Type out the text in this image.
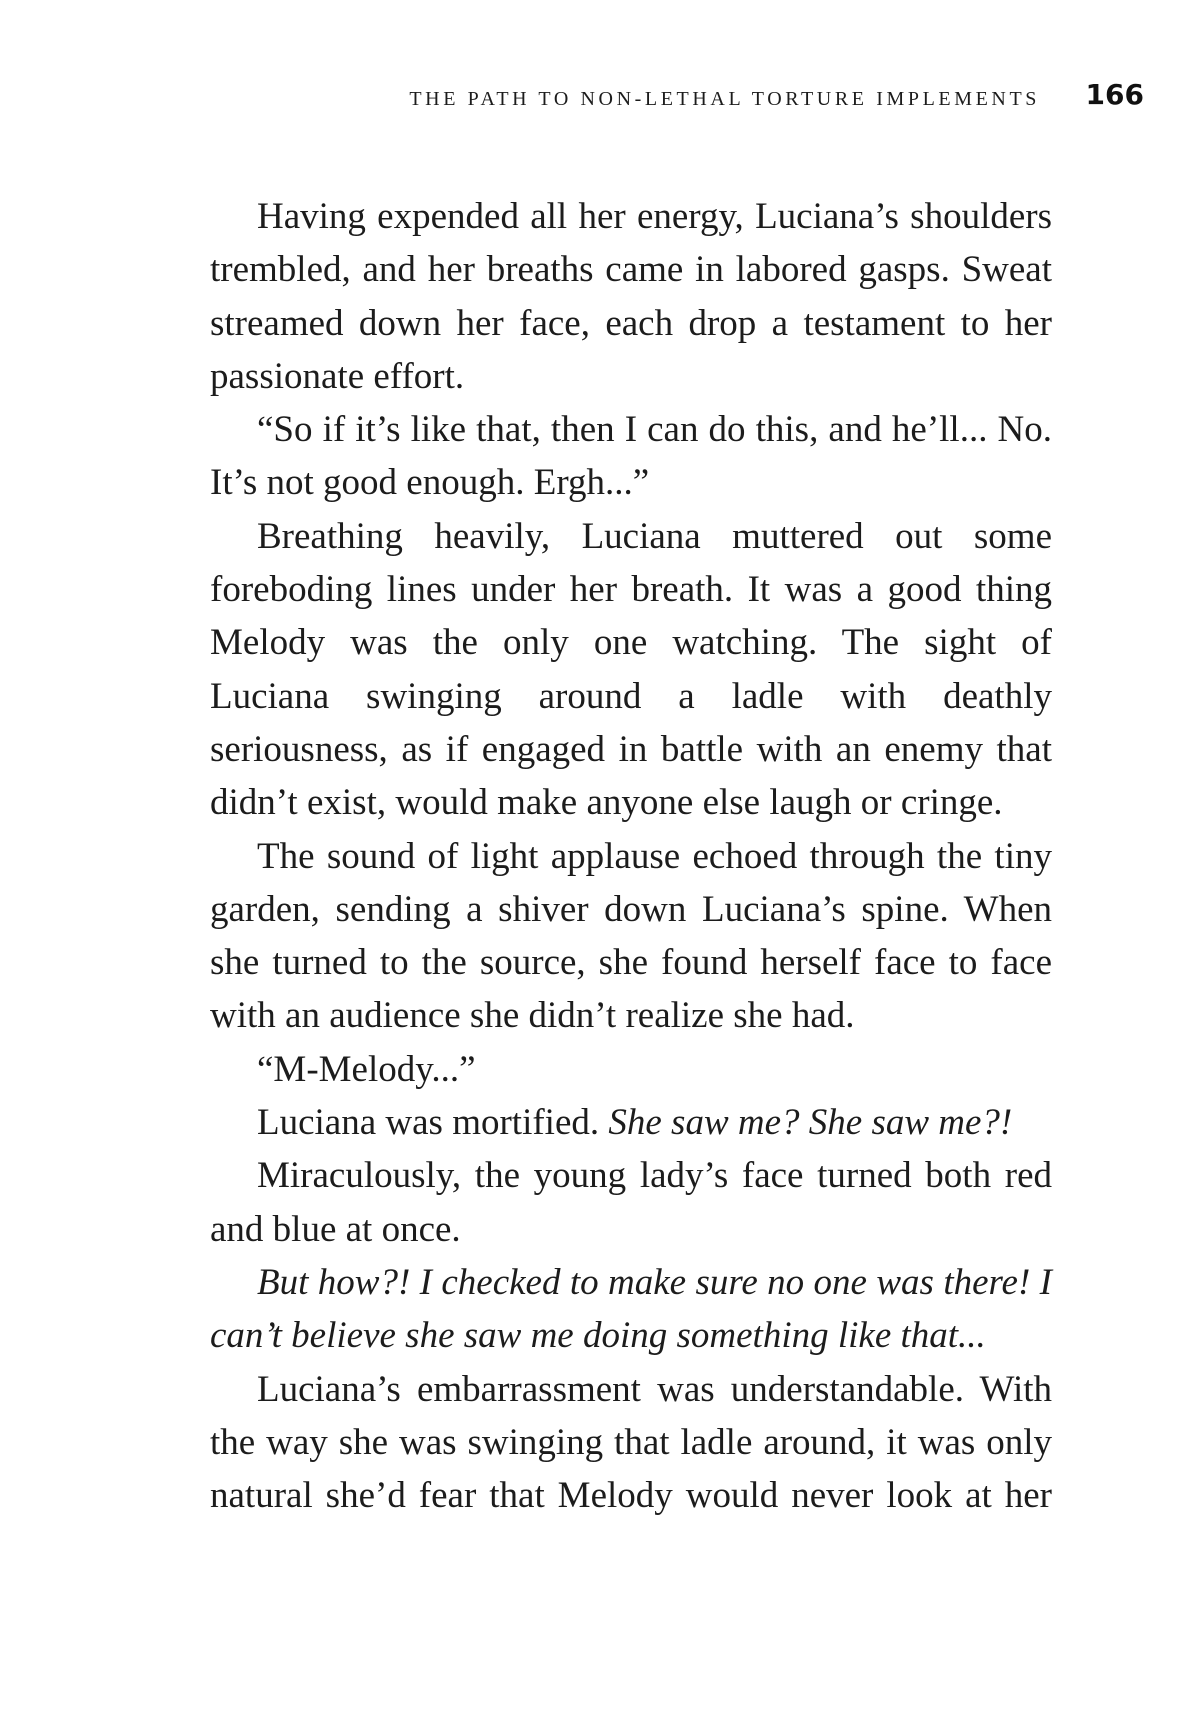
THE PATH TO NON-LETHAL TORTURE IMPLEMENTS 166

Having expended all her energy, Luciana’s shoulders trembled, and her breaths came in labored gasps. Sweat streamed down her face, each drop a testament to her passionate effort.

“So if it’s like that, then I can do this, and he’ll... No. It’s not good enough. Ergh...”

Breathing heavily, Luciana muttered out some foreboding lines under her breath. It was a good thing Melody was the only one watching. The sight of Luciana swinging around a ladle with deathly seriousness, as if engaged in battle with an enemy that didn’t exist, would make anyone else laugh or cringe.

The sound of light applause echoed through the tiny garden, sending a shiver down Luciana’s spine. When she turned to the source, she found herself face to face with an audience she didn’t realize she had.

“M-Melody...”

Luciana was mortified. She saw me? She saw me?!

Miraculously, the young lady’s face turned both red and blue at once.

But how?! I checked to make sure no one was there! I can’t believe she saw me doing something like that...

Luciana’s embarrassment was understandable. With the way she was swinging that ladle around, it was only natural she’d fear that Melody would never look at her
